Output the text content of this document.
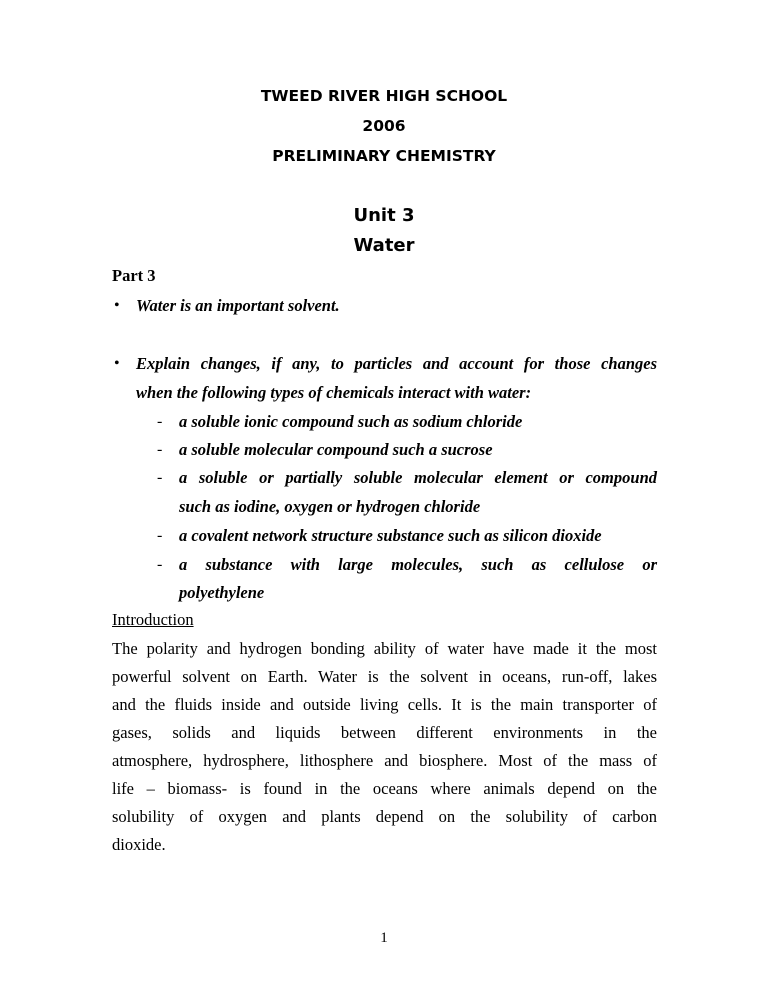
TWEED RIVER HIGH SCHOOL
2006
PRELIMINARY CHEMISTRY
Unit 3
Water
Part 3
• Water is an important solvent.
• Explain changes, if any, to particles and account for those changes
when the following types of chemicals interact with water:
- a soluble ionic compound such as sodium chloride
- a soluble molecular compound such a sucrose
- a soluble or partially soluble molecular element or compound
such as iodine, oxygen or hydrogen chloride
- a covalent network structure substance such as silicon dioxide
- a substance with large molecules, such as cellulose or
polyethylene
Introduction
The polarity and hydrogen bonding ability of water have made it the most
powerful solvent on Earth. Water is the solvent in oceans, run-off, lakes
and the fluids inside and outside living cells. It is the main transporter of
gases, solids and liquids between different environments in the
atmosphere, hydrosphere, lithosphere and biosphere. Most of the mass of
life – biomass- is found in the oceans where animals depend on the
solubility of oxygen and plants depend on the solubility of carbon
dioxide.
1
